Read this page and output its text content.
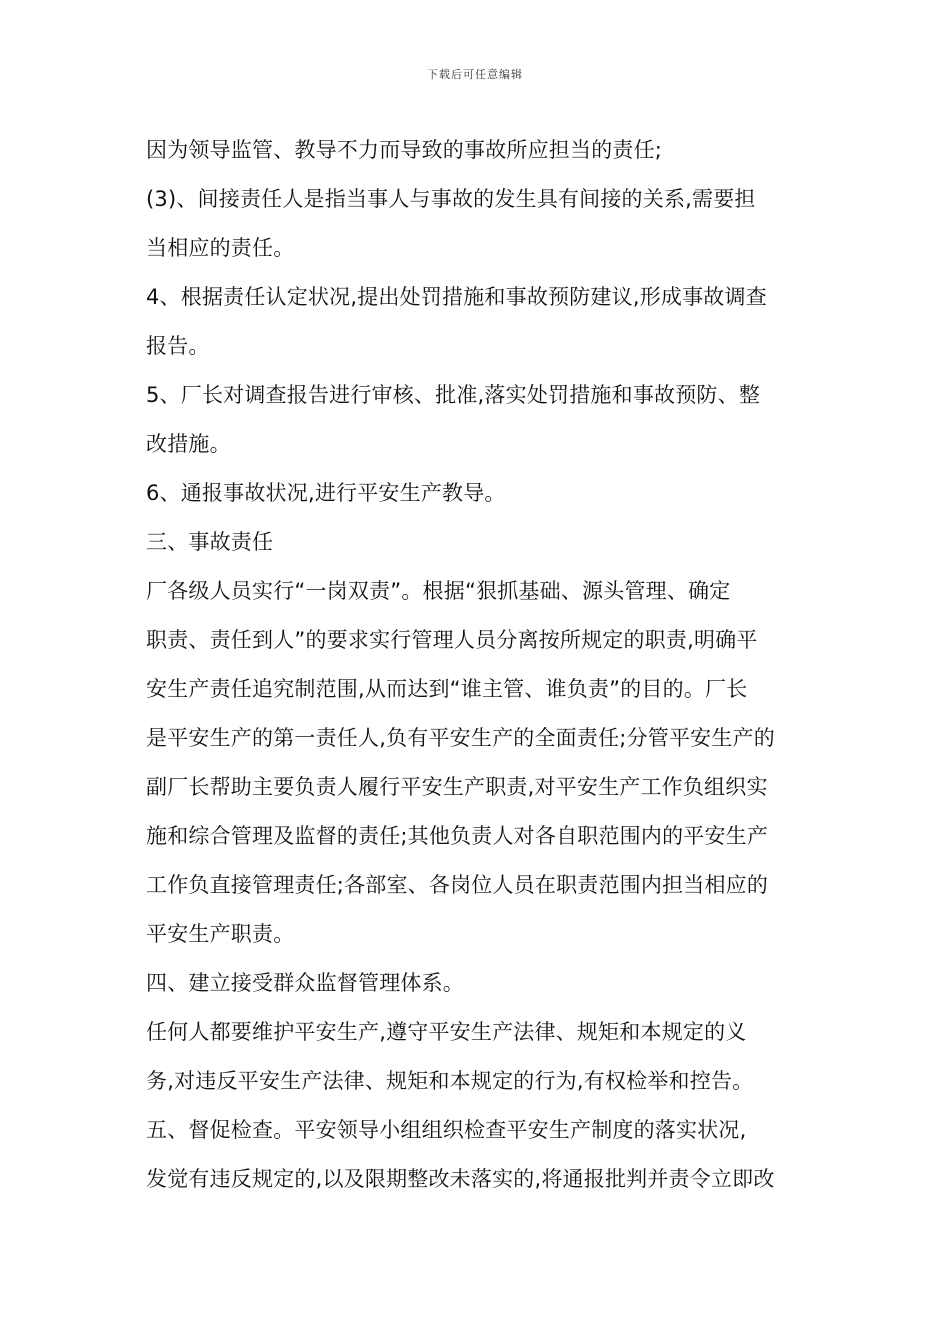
下载后可任意编辑
因为领导监管、教导不力而导致的事故所应担当的责任;
(3)、间接责任人是指当事人与事故的发生具有间接的关系,需要担
当相应的责任。
4、根据责任认定状况,提出处罚措施和事故预防建议,形成事故调查
报告。
5、厂长对调查报告进行审核、批准,落实处罚措施和事故预防、整
改措施。
6、通报事故状况,进行平安生产教导。
三、事故责任
厂各级人员实行“一岗双责”。根据“狠抓基础、源头管理、确定
职责、责任到人”的要求实行管理人员分离按所规定的职责,明确平
安生产责任追究制范围,从而达到“谁主管、谁负责”的目的。厂长
是平安生产的第一责任人,负有平安生产的全面责任;分管平安生产的
副厂长帮助主要负责人履行平安生产职责,对平安生产工作负组织实
施和综合管理及监督的责任;其他负责人对各自职范围内的平安生产
工作负直接管理责任;各部室、各岗位人员在职责范围内担当相应的
平安生产职责。
四、建立接受群众监督管理体系。
任何人都要维护平安生产,遵守平安生产法律、规矩和本规定的义
务,对违反平安生产法律、规矩和本规定的行为,有权检举和控告。
五、督促检查。平安领导小组组织检查平安生产制度的落实状况,
发觉有违反规定的,以及限期整改未落实的,将通报批判并责令立即改
